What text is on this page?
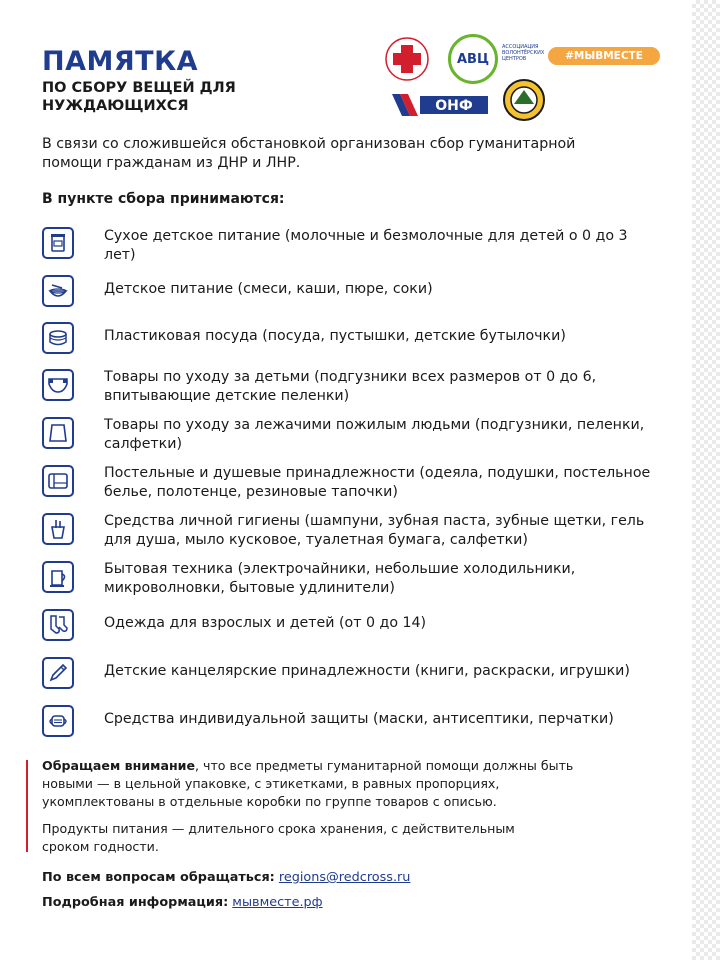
ПАМЯТКА
ПО СБОРУ ВЕЩЕЙ ДЛЯ НУЖДАЮЩИХСЯ
АВЦ
АССОЦИАЦИЯ ВОЛОНТЁРСКИХ ЦЕНТРОВ	#МЫВМЕСТЕ
ОНФ
В связи со сложившейся обстановкой организован сбор гуманитарной помощи гражданам из ДНР и ЛНР.
В пункте сбора принимаются:
Сухое детское питание (молочные и безмолочные для детей о 0 до 3 лет)
Детское питание (смеси, каши, пюре, соки)
Пластиковая посуда (посуда, пустышки, детские бутылочки)
Товары по уходу за детьми (подгузники всех размеров от 0 до 6, впитывающие детские пеленки)
Товары по уходу за лежачими пожилым людьми (подгузники, пеленки, салфетки)
Постельные и душевые принадлежности (одеяла, подушки, постельное белье, полотенце, резиновые тапочки)
Средства личной гигиены (шампуни, зубная паста, зубные щетки, гель для душа, мыло кусковое, туалетная бумага, салфетки)
Бытовая техника (электрочайники, небольшие холодильники, микроволновки, бытовые удлинители)
Одежда для взрослых и детей (от 0 до 14)
Детские канцелярские принадлежности (книги, раскраски, игрушки)
Средства индивидуальной защиты (маски, антисептики, перчатки)
Обращаем внимание, что все предметы гуманитарной помощи должны быть новыми — в цельной упаковке, с этикетками, в равных пропорциях, укомплектованы в отдельные коробки по группе товаров с описью.
Продукты питания — длительного срока хранения, с действительным сроком годности.
По всем вопросам обращаться: regions@redcross.ru
Подробная информация: мывместе.рф
